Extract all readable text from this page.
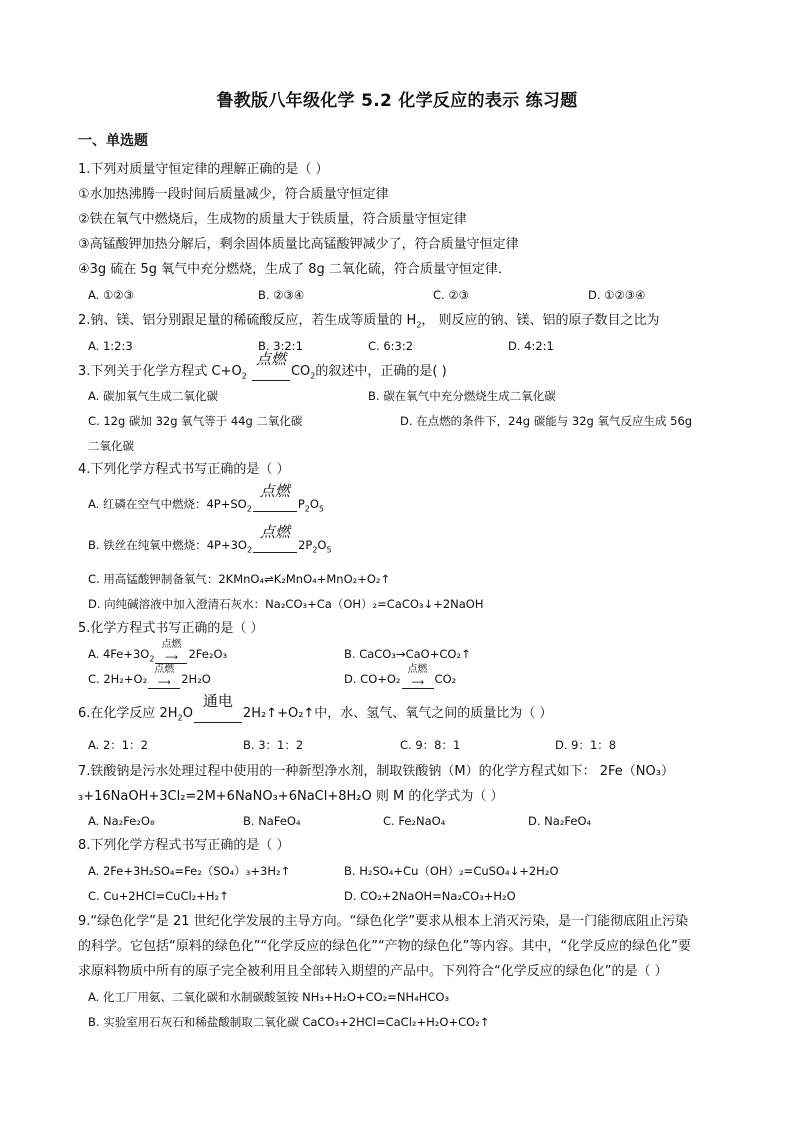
鲁教版八年级化学 5.2 化学反应的表示 练习题
一、单选题
1.下列对质量守恒定律的理解正确的是（ ）
①水加热沸腾一段时间后质量减少，符合质量守恒定律
②铁在氧气中燃烧后，生成物的质量大于铁质量，符合质量守恒定律
③高锰酸钾加热分解后，剩余固体质量比高锰酸钾减少了，符合质量守恒定律
④3g 硫在 5g 氧气中充分燃烧，生成了 8g 二氧化硫，符合质量守恒定律．
A. ①②③	B. ②③④	C. ②③	D. ①②③④
2.钠、镁、铝分别跟足量的稀硫酸反应，若生成等质量的 $H_2$， 则反应的钠、镁、铝的原子数目之比为
A. 1:2:3	B. 3:2:1	C. 6:3:2	D. 4:2:1
3.下列关于化学方程式 $C+O_2$
点燃
$CO_2$的叙述中，正确的是( )
A. 碳加氧气生成二氧化碳	B. 碳在氧气中充分燃烧生成二氧化碳
C. 12g 碳加 32g 氧气等于 44g 二氧化碳	D. 在点燃的条件下，24g 碳能与 32g 氧气反应生成 56g
二氧化碳
4.下列化学方程式书写正确的是（ ）
A. 红磷在空气中燃烧：$4P+SO_2$
点燃
$P_2O_5$
B. 铁丝在纯氧中燃烧：$4P+3O_2$
点燃
$2P_2O_5$
C. 用高锰酸钾制备氧气：2KMnO₄⇌K₂MnO₄+MnO₂+O₂↑
D. 向纯碱溶液中加入澄清石灰水：Na₂CO₃+Ca（OH）₂=CaCO₃↓+2NaOH
5.化学方程式书写正确的是（ ）
A. $4Fe+3O_2$
点燃
⟶ 2Fe₂O₃	B. CaCO₃→CaO+CO₂↑
C. 2H₂+O₂
点燃
⟶ 2H₂O	D. CO+O₂
点燃
⟶ CO₂
6.在化学反应 $2H_2O$
通电
2H₂↑+O₂↑中，水、氢气、氧气之间的质量比为（ ）
A. 2：1：2	B. 3：1：2	C. 9：8：1	D. 9：1：8
7.铁酸钠是污水处理过程中使用的一种新型净水剂，制取铁酸钠（M）的化学方程式如下： 2Fe（NO₃）
₃+16NaOH+3Cl₂=2M+6NaNO₃+6NaCl+8H₂O 则 M 的化学式为（ ）
A. Na₂Fe₂O₈	B. NaFeO₄	C. Fe₂NaO₄	D. Na₂FeO₄
8.下列化学方程式书写正确的是（ ）
A. 2Fe+3H₂SO₄=Fe₂（SO₄）₃+3H₂↑	B. H₂SO₄+Cu（OH）₂=CuSO₄↓+2H₂O
C. Cu+2HCl=CuCl₂+H₂↑	D. CO₂+2NaOH=Na₂CO₃+H₂O
9.“绿色化学”是 21 世纪化学发展的主导方向。“绿色化学”要求从根本上消灭污染，是一门能彻底阻止污染
的科学。它包括“原料的绿色化”“化学反应的绿色化”“产物的绿色化”等内容。其中，“化学反应的绿色化”要
求原料物质中所有的原子完全被利用且全部转入期望的产品中。下列符合“化学反应的绿色化”的是（ ）
A. 化工厂用氨、二氧化碳和水制碳酸氢铵 NH₃+H₂O+CO₂=NH₄HCO₃
B. 实验室用石灰石和稀盐酸制取二氧化碳 CaCO₃+2HCl=CaCl₂+H₂O+CO₂↑
